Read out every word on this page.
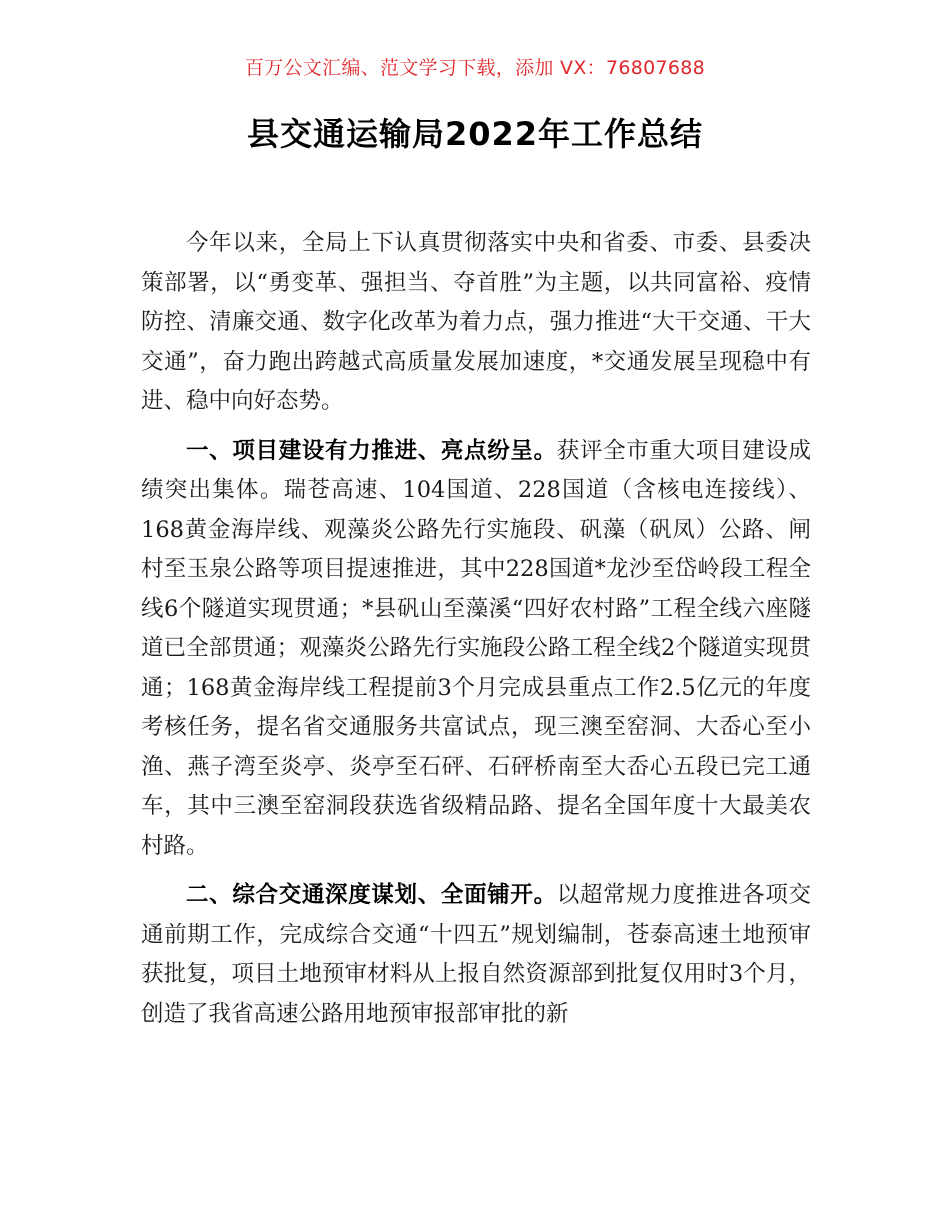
百万公文汇编、范文学习下载，添加 VX：76807688
县交通运输局2022年工作总结

今年以来，全局上下认真贯彻落实中央和省委、市委、县委决策部署，以“勇变革、强担当、夺首胜”为主题，以共同富裕、疫情防控、清廉交通、数字化改革为着力点，强力推进“大干交通、干大交通”，奋力跑出跨越式高质量发展加速度，*交通发展呈现稳中有进、稳中向好态势。

一、项目建设有力推进、亮点纷呈。获评全市重大项目建设成绩突出集体。瑞苍高速、104国道、228国道（含核电连接线）、168黄金海岸线、观藻炎公路先行实施段、矾藻（矾凤）公路、闸村至玉泉公路等项目提速推进，其中228国道*龙沙至岱岭段工程全线6个隧道实现贯通；*县矾山至藻溪“四好农村路”工程全线六座隧道已全部贯通；观藻炎公路先行实施段公路工程全线2个隧道实现贯通；168黄金海岸线工程提前3个月完成县重点工作2.5亿元的年度考核任务，提名省交通服务共富试点，现三澳至窑洞、大岙心至小渔、燕子湾至炎亭、炎亭至石砰、石砰桥南至大岙心五段已完工通车，其中三澳至窑洞段获选省级精品路、提名全国年度十大最美农村路。

二、综合交通深度谋划、全面铺开。以超常规力度推进各项交通前期工作，完成综合交通“十四五”规划编制，苍泰高速土地预审获批复，项目土地预审材料从上报自然资源部到批复仅用时3个月，创造了我省高速公路用地预审报部审批的新
